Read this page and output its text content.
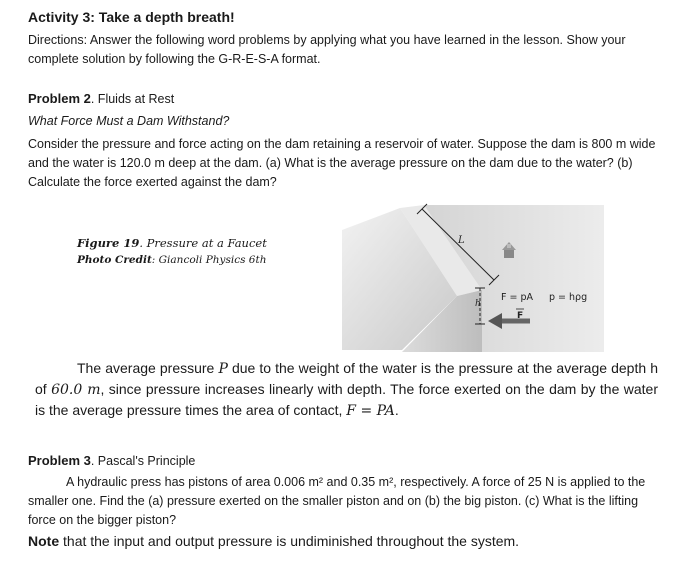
Activity 3: Take a depth breath!
Directions: Answer the following word problems by applying what you have learned in the lesson. Show your complete solution by following the G-R-E-S-A format.
Problem 2. Fluids at Rest
What Force Must a Dam Withstand?
Consider the pressure and force acting on the dam retaining a reservoir of water. Suppose the dam is 800 m wide and the water is 120.0 m deep at the dam. (a) What is the average pressure on the dam due to the water? (b) Calculate the force exerted against the dam?
Figure 19. Pressure at a Faucet
Photo Credit: Giancoli Physics 6th
L
h
F = pA p = hρg
F
The average pressure P due to the weight of the water is the pressure at the average depth h of 60.0 m, since pressure increases linearly with depth. The force exerted on the dam by the water is the average pressure times the area of contact, F = PA.
Problem 3. Pascal's Principle
A hydraulic press has pistons of area 0.006 m² and 0.35 m², respectively. A force of 25 N is applied to the smaller one. Find the (a) pressure exerted on the smaller piston and on (b) the big piston. (c) What is the lifting force on the bigger piston?
Note that the input and output pressure is undiminished throughout the system.
